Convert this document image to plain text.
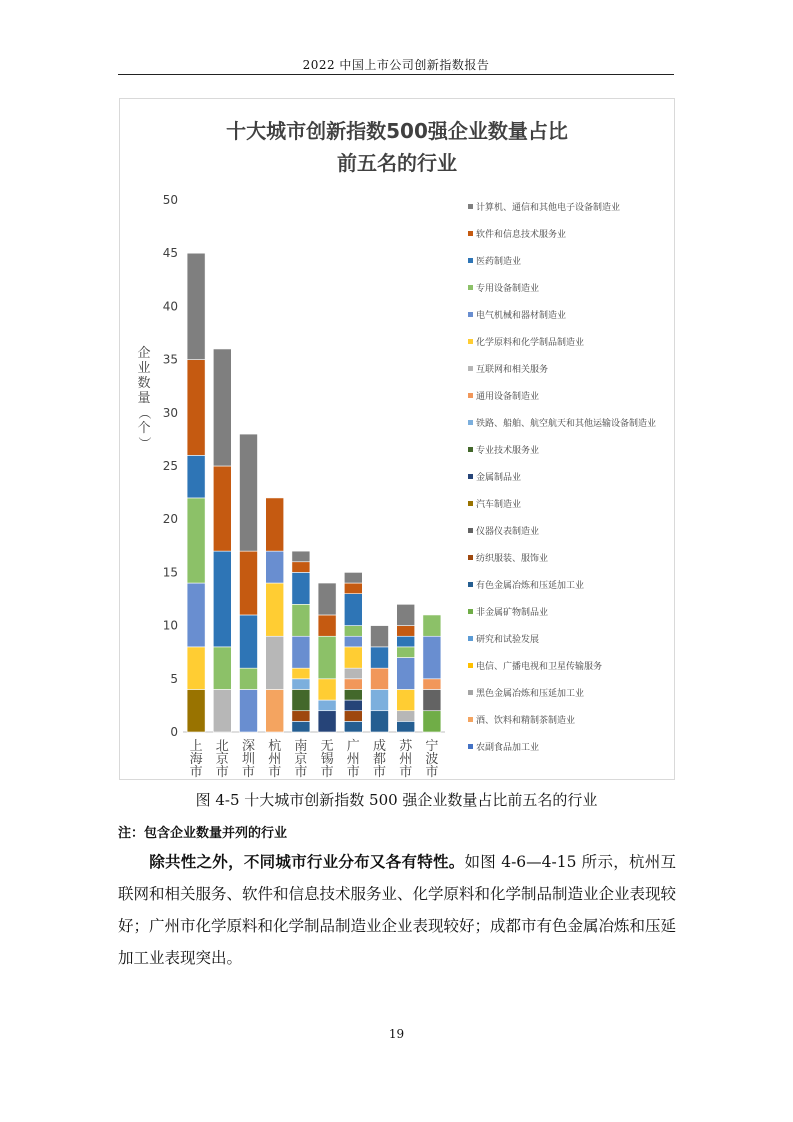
2022 中国上市公司创新指数报告
十大城市创新指数500强企业数量占比
前五名的行业
0
5
10
15
20
25
30
35
40
45
50
企
业
数
量
（
个
）
上
海
市
北
京
市
深
圳
市
杭
州
市
南
京
市
无
锡
市
广
州
市
成
都
市
苏
州
市
宁
波
市
计算机、通信和其他电子设备制造业
软件和信息技术服务业
医药制造业
专用设备制造业
电气机械和器材制造业
化学原料和化学制品制造业
互联网和相关服务
通用设备制造业
铁路、船舶、航空航天和其他运输设备制造业
专业技术服务业
金属制品业
汽车制造业
仪器仪表制造业
纺织服装、服饰业
有色金属冶炼和压延加工业
非金属矿物制品业
研究和试验发展
电信、广播电视和卫星传输服务
黑色金属冶炼和压延加工业
酒、饮料和精制茶制造业
农副食品加工业
图 4-5 十大城市创新指数 500 强企业数量占比前五名的行业
注：包含企业数量并列的行业
除共性之外，不同城市行业分布又各有特性。如图 4-6—4-15 所示，杭州互联网和相关服务、软件和信息技术服务业、化学原料和化学制品制造业企业表现较好；广州市化学原料和化学制品制造业企业表现较好；成都市有色金属冶炼和压延加工业表现突出。
19
